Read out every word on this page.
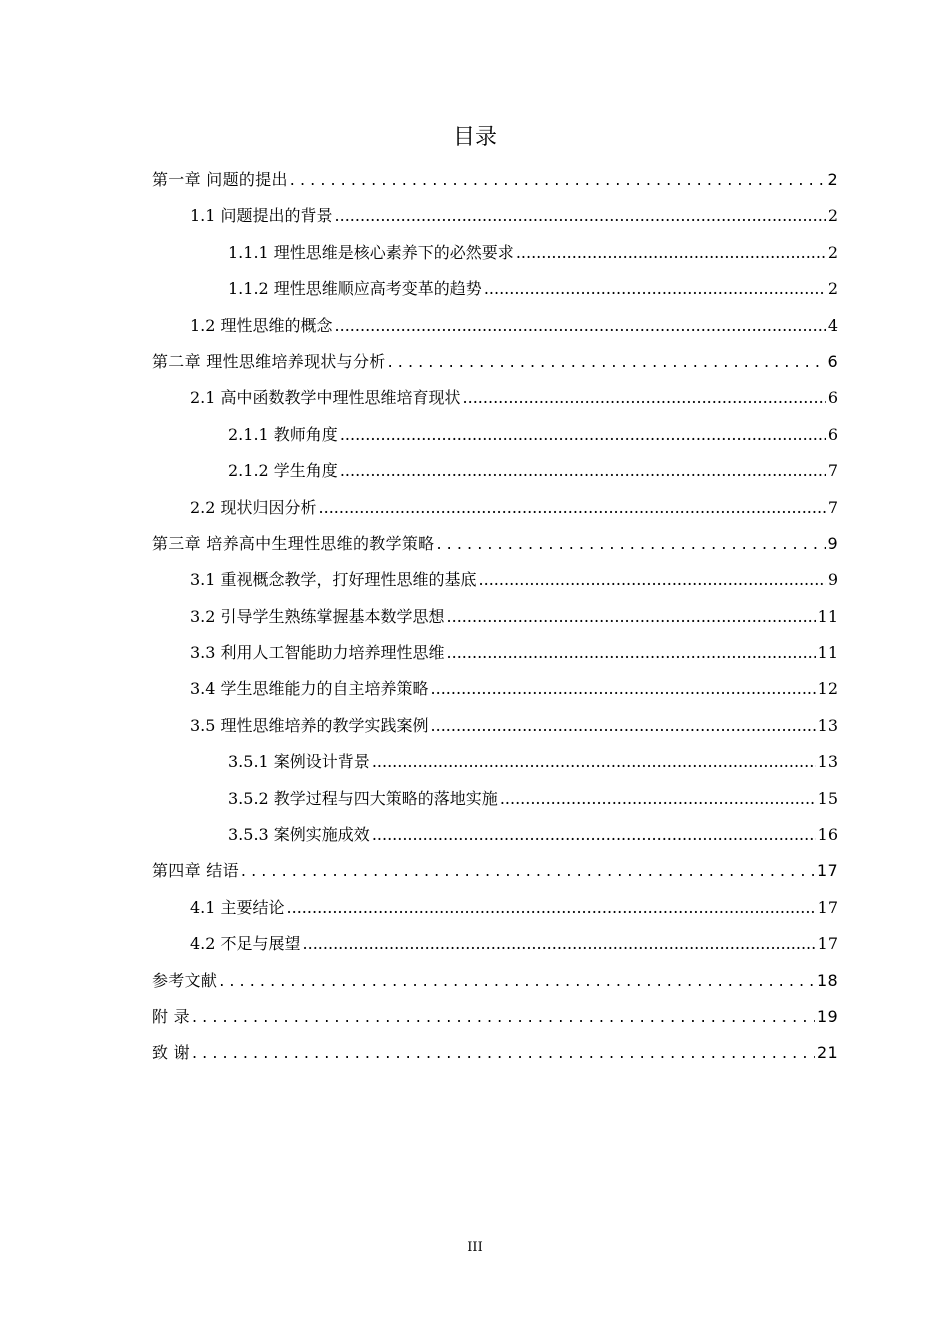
目录
第一章 问题的提出 . . .	2
1.1 问题提出的背景 .....	2
1.1.1 理性思维是核心素养下的必然要求 .....	2
1.1.2 理性思维顺应高考变革的趋势 .....	2
1.2 理性思维的概念 .....	4
第二章 理性思维培养现状与分析 . . .	6
2.1 高中函数教学中理性思维培育现状 .....	6
2.1.1 教师角度 .....	6
2.1.2 学生角度 .....	7
2.2 现状归因分析 .....	7
第三章 培养高中生理性思维的教学策略 . . .	9
3.1 重视概念教学，打好理性思维的基底 .....	9
3.2 引导学生熟练掌握基本数学思想 .....	11
3.3 利用人工智能助力培养理性思维 .....	11
3.4 学生思维能力的自主培养策略 .....	12
3.5 理性思维培养的教学实践案例 .....	13
3.5.1 案例设计背景 .....	13
3.5.2 教学过程与四大策略的落地实施 .....	15
3.5.3 案例实施成效 .....	16
第四章 结语 . . .	17
4.1 主要结论 .....	17
4.2 不足与展望 .....	17
参考文献 . . .	18
附 录 . . .	19
致 谢 . . .	21
III
